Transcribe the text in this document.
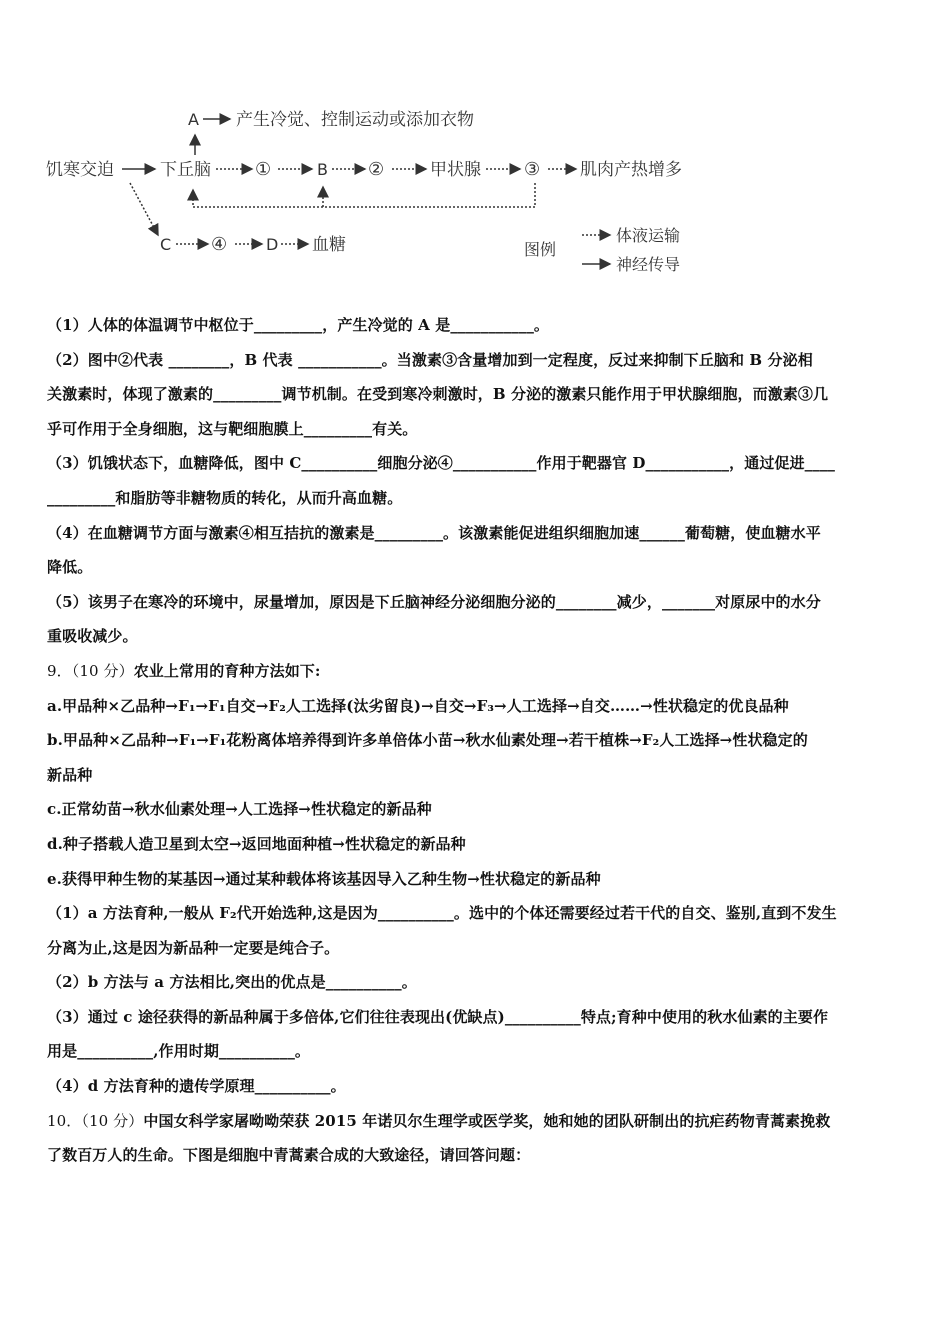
A 产生冷觉、控制运动或添加衣物
饥寒交迫	下丘脑 ①	B ②	甲状腺 ③ 肌肉产热增多
C ④ D 血糖	图例
体液运输
神经传导
（1）人体的体温调节中枢位于_________，产生冷觉的 A 是___________。
（2）图中②代表 ________，B 代表 ___________。当激素③含量增加到一定程度，反过来抑制下丘脑和 B 分泌相
关激素时，体现了激素的_________调节机制。在受到寒冷刺激时，B 分泌的激素只能作用于甲状腺细胞，而激素③几
乎可作用于全身细胞，这与靶细胞膜上_________有关。
（3）饥饿状态下，血糖降低，图中 C__________细胞分泌④___________作用于靶器官 D___________，通过促进____
_________和脂肪等非糖物质的转化，从而升高血糖。
（4）在血糖调节方面与激素④相互拮抗的激素是_________。该激素能促进组织细胞加速______葡萄糖，使血糖水平
降低。
（5）该男子在寒冷的环境中，尿量增加，原因是下丘脑神经分泌细胞分泌的________减少，_______对原尿中的水分
重吸收减少。
9．（10 分）农业上常用的育种方法如下:
a.甲品种×乙品种→F₁→F₁自交→F₂人工选择(汰劣留良)→自交→F₃→人工选择→自交……→性状稳定的优良品种
b.甲品种×乙品种→F₁→F₁花粉离体培养得到许多单倍体小苗→秋水仙素处理→若干植株→F₂人工选择→性状稳定的
新品种
c.正常幼苗→秋水仙素处理→人工选择→性状稳定的新品种
d.种子搭载人造卫星到太空→返回地面种植→性状稳定的新品种
e.获得甲种生物的某基因→通过某种载体将该基因导入乙种生物→性状稳定的新品种
（1）a 方法育种,一般从 F₂代开始选种,这是因为__________。选中的个体还需要经过若干代的自交、鉴别,直到不发生
分离为止,这是因为新品种一定要是纯合子。
（2）b 方法与 a 方法相比,突出的优点是__________。
（3）通过 c 途径获得的新品种属于多倍体,它们往往表现出(优缺点)__________特点;育种中使用的秋水仙素的主要作
用是__________,作用时期__________。
（4）d 方法育种的遗传学原理__________。
10．（10 分）中国女科学家屠呦呦荣获 2015 年诺贝尔生理学或医学奖，她和她的团队研制出的抗疟药物青蒿素挽救
了数百万人的生命。下图是细胞中青蒿素合成的大致途径，请回答问题：
